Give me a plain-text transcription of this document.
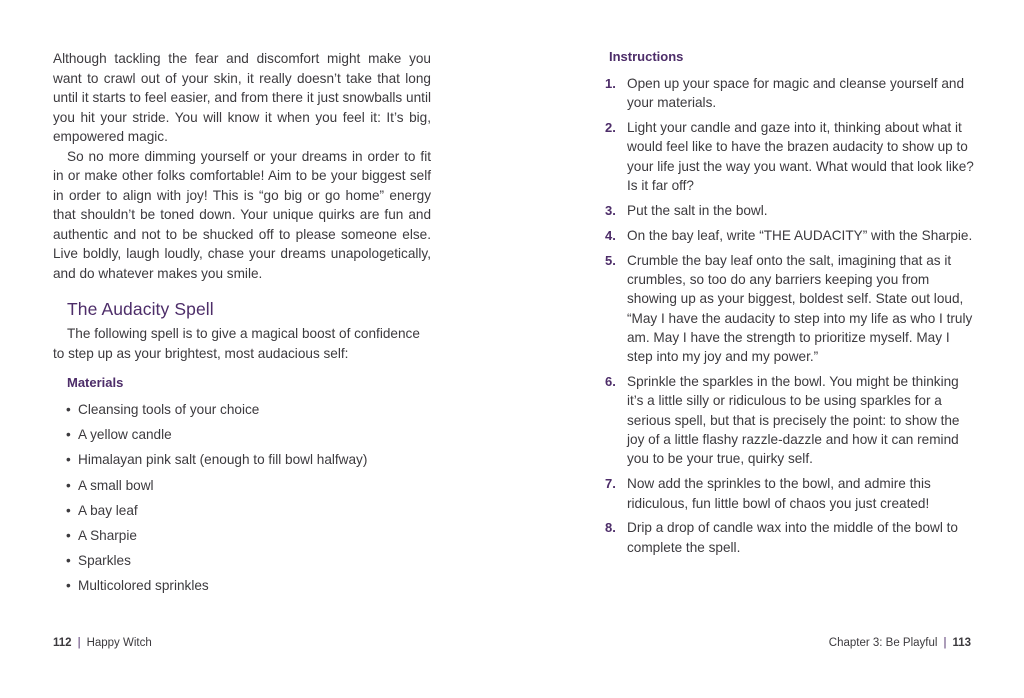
Although tackling the fear and discomfort might make you want to crawl out of your skin, it really doesn’t take that long until it starts to feel easier, and from there it just snowballs until you hit your stride. You will know it when you feel it: It’s big, empowered magic.

So no more dimming yourself or your dreams in order to fit in or make other folks comfortable! Aim to be your biggest self in order to align with joy! This is “go big or go home” energy that shouldn’t be toned down. Your unique quirks are fun and authentic and not to be shucked off to please someone else. Live boldly, laugh loudly, chase your dreams unapologetically, and do whatever makes you smile.

The Audacity Spell

The following spell is to give a magical boost of confidence to step up as your brightest, most audacious self:

Materials

• Cleansing tools of your choice
• A yellow candle
• Himalayan pink salt (enough to fill bowl halfway)
• A small bowl
• A bay leaf
• A Sharpie
• Sparkles
• Multicolored sprinkles
112 | Happy Witch

Instructions

1. Open up your space for magic and cleanse yourself and your materials.
2. Light your candle and gaze into it, thinking about what it would feel like to have the brazen audacity to show up to your life just the way you want. What would that look like? Is it far off?
3. Put the salt in the bowl.
4. On the bay leaf, write “THE AUDACITY” with the Sharpie.
5. Crumble the bay leaf onto the salt, imagining that as it crumbles, so too do any barriers keeping you from showing up as your biggest, boldest self. State out loud, “May I have the audacity to step into my life as who I truly am. May I have the strength to prioritize myself. May I step into my joy and my power.”
6. Sprinkle the sparkles in the bowl. You might be thinking it’s a little silly or ridiculous to be using sparkles for a serious spell, but that is precisely the point: to show the joy of a little flashy razzle-dazzle and how it can remind you to be your true, quirky self.
7. Now add the sprinkles to the bowl, and admire this ridiculous, fun little bowl of chaos you just created!
8. Drip a drop of candle wax into the middle of the bowl to complete the spell.
Chapter 3: Be Playful | 113
